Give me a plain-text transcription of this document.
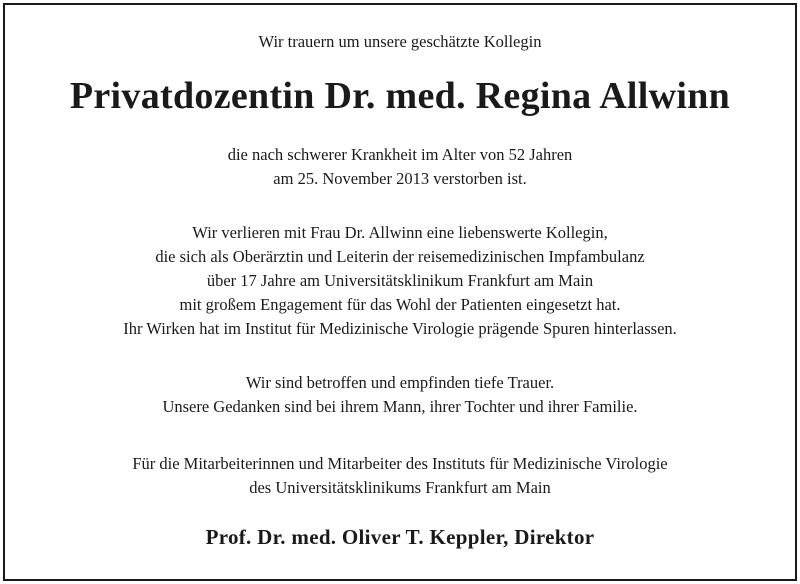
Wir trauern um unsere geschätzte Kollegin
Privatdozentin Dr. med. Regina Allwinn
die nach schwerer Krankheit im Alter von 52 Jahren
am 25. November 2013 verstorben ist.
Wir verlieren mit Frau Dr. Allwinn eine liebenswerte Kollegin,
die sich als Oberärztin und Leiterin der reisemedizinischen Impfambulanz
über 17 Jahre am Universitätsklinikum Frankfurt am Main
mit großem Engagement für das Wohl der Patienten eingesetzt hat.
Ihr Wirken hat im Institut für Medizinische Virologie prägende Spuren hinterlassen.
Wir sind betroffen und empfinden tiefe Trauer.
Unsere Gedanken sind bei ihrem Mann, ihrer Tochter und ihrer Familie.
Für die Mitarbeiterinnen und Mitarbeiter des Instituts für Medizinische Virologie
des Universitätsklinikums Frankfurt am Main
Prof. Dr. med. Oliver T. Keppler, Direktor
